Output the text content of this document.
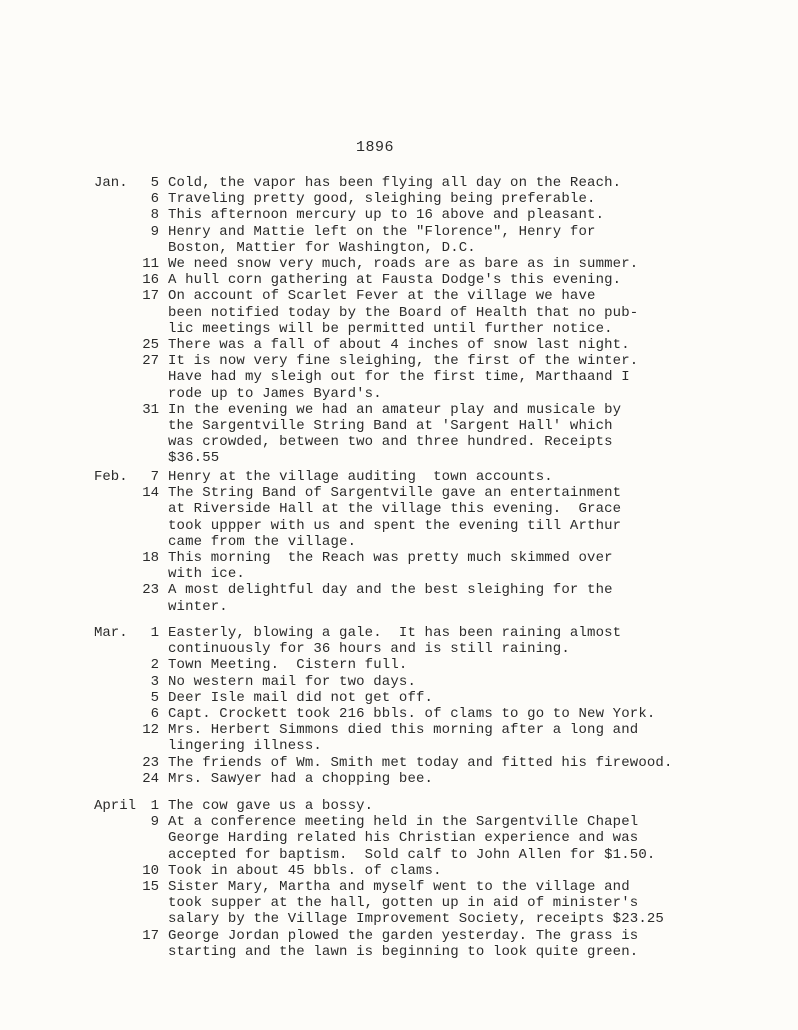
1896
Jan.	5 Cold, the vapor has been flying all day on the Reach.
6 Traveling pretty good, sleighing being preferable.
8 This afternoon mercury up to 16 above and pleasant.
9 Henry and Mattie left on the "Florence", Henry for
Boston, Mattier for Washington, D.C.
11 We need snow very much, roads are as bare as in summer.
16 A hull corn gathering at Fausta Dodge's this evening.
17 On account of Scarlet Fever at the village we have
been notified today by the Board of Health that no pub-
lic meetings will be permitted until further notice.
25 There was a fall of about 4 inches of snow last night.
27 It is now very fine sleighing, the first of the winter.
Have had my sleigh out for the first time, Marthaand I
rode up to James Byard's.
31 In the evening we had an amateur play and musicale by
the Sargentville String Band at 'Sargent Hall' which
was crowded, between two and three hundred. Receipts
$36.55
Feb.	7 Henry at the village auditing  town accounts.
14 The String Band of Sargentville gave an entertainment
at Riverside Hall at the village this evening.  Grace
took uppper with us and spent the evening till Arthur
came from the village.
18 This morning  the Reach was pretty much skimmed over
with ice.
23 A most delightful day and the best sleighing for the
winter.
Mar.	1 Easterly, blowing a gale.  It has been raining almost
continuously for 36 hours and is still raining.
2 Town Meeting.  Cistern full.
3 No western mail for two days.
5 Deer Isle mail did not get off.
6 Capt. Crockett took 216 bbls. of clams to go to New York.
12 Mrs. Herbert Simmons died this morning after a long and
lingering illness.
23 The friends of Wm. Smith met today and fitted his firewood.
24 Mrs. Sawyer had a chopping bee.
April	1 The cow gave us a bossy.
9 At a conference meeting held in the Sargentville Chapel
George Harding related his Christian experience and was
accepted for baptism.  Sold calf to John Allen for $1.50.
10 Took in about 45 bbls. of clams.
15 Sister Mary, Martha and myself went to the village and
took supper at the hall, gotten up in aid of minister's
salary by the Village Improvement Society, receipts $23.25
17 George Jordan plowed the garden yesterday. The grass is
starting and the lawn is beginning to look quite green.
